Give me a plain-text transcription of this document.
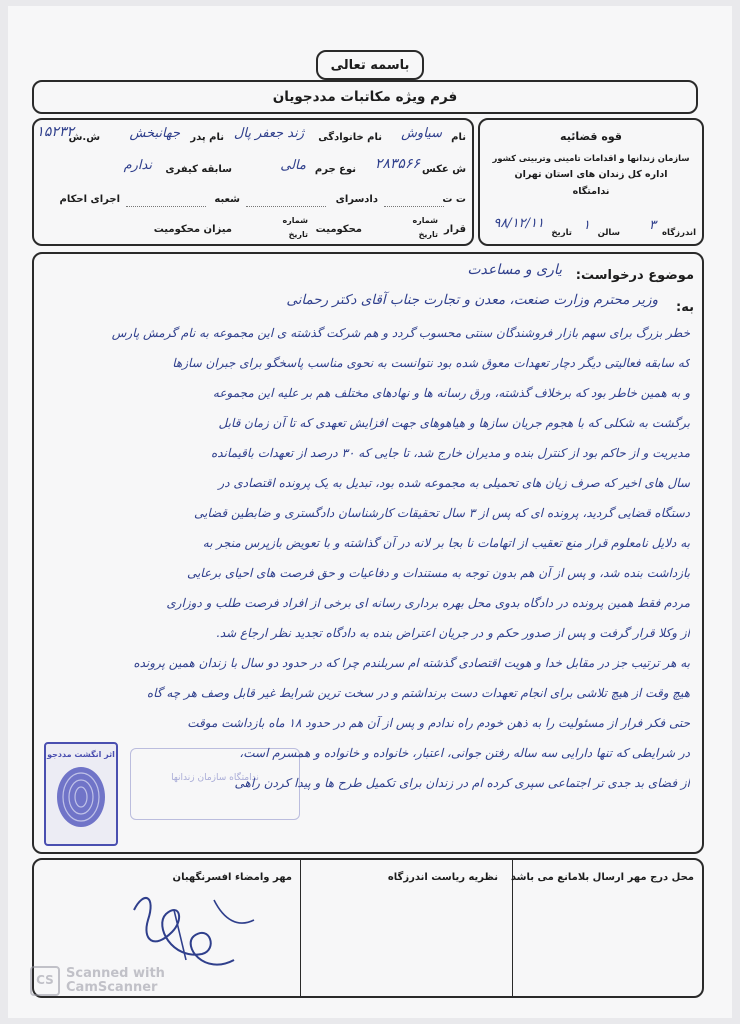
باسمه تعالی
فرم ویژه مکاتبات مددجویان
نام
سیاوش
نام خانوادگی
ژند جعفر پال
نام پدر
جهانبخش
ش.ش
۱۵۲۳۲
ش عکس
۲۸۳۵۶۶
نوع جرم
مالی
سابقه کیفری
ندارم
ت ت
دادسرای
شعبه
اجرای احکام
قرار
شماره
تاریخ
محکومیت
شماره
تاریخ
میزان محکومیت
قوه قضائیه
سازمان زندانها و اقدامات تامینی وتربیتی کشور
اداره کل زندان های استان تهران
ندامتگاه
اندرزگاه
۳
سالن
۱
تاریخ
۹۸/۱۲/۱۱
موضوع درخواست:
یاری و مساعدت
به:
وزیر محترم وزارت صنعت، معدن و تجارت جناب آقای دکتر رحمانی
خطر بزرگ برای سهم بازار فروشندگان سنتی محسوب گردد و هم شرکت گذشته ی این مجموعه به نام گرمش پارس
که سابقه فعالیتی دیگر دچار تعهدات معوق شده بود نتوانست به نحوی مناسب پاسخگو برای جبران سازها
و به همین خاطر بود که برخلاف گذشته، ورق رسانه ها و نهادهای مختلف هم بر علیه این مجموعه
برگشت به شکلی که با هجوم جریان سازها و هیاهوهای جهت افزایش تعهدی که تا آن زمان قابل
مدیریت و از حاکم بود از کنترل بنده و مدیران خارج شد، تا جایی که ۳۰ درصد از تعهدات باقیمانده
سال های اخیر که صرف زیان های تحمیلی به مجموعه شده بود، تبدیل به یک پرونده اقتصادی در
دستگاه قضایی گردید، پرونده ای که پس از ۳ سال تحقیقات کارشناسان دادگستری و ضابطین قضایی
به دلایل نامعلوم قرار منع تعقیب از اتهامات نا بجا بر لانه در آن گذاشته و با تعویض بازپرس منجر به
بازداشت بنده شد، و پس از آن هم بدون توجه به مستندات و دفاعیات و حق فرصت های احیای برعایی
مردم فقط همین پرونده در دادگاه بدوی محل بهره برداری رسانه ای برخی از افراد فرصت طلب و دوزاری
از وکلا قرار گرفت و پس از صدور حکم و در جریان اعتراض بنده به دادگاه تجدید نظر ارجاع شد.
به هر ترتیب جز در مقابل خدا و هویت اقتصادی گذشته ام سربلندم چرا که در حدود دو سال با زندان همین پرونده
هیچ وقت از هیچ تلاشی برای انجام تعهدات دست برنداشتم و در سخت ترین شرایط غیر قابل وصف هر چه گاه
حتی فکر فرار از مسئولیت را به ذهن خودم راه ندادم و پس از آن هم در حدود ۱۸ ماه بازداشت موقت
در شرایطی که تنها دارایی سه ساله رفتن جوانی، اعتبار، خانواده و خانواده و همسرم است،
از فضای بد جدی تر اجتماعی سپری کرده ام در زندان برای تکمیل طرح ها و پیدا کردن راهی
اثر انگشت مددجو
ندامتگاه سازمان زندانها
محل درج مهر ارسال بلامانع می باشد
نظریه ریاست اندرزگاه
مهر وامضاء افسرنگهبان
CS Scanned with
CamScanner
